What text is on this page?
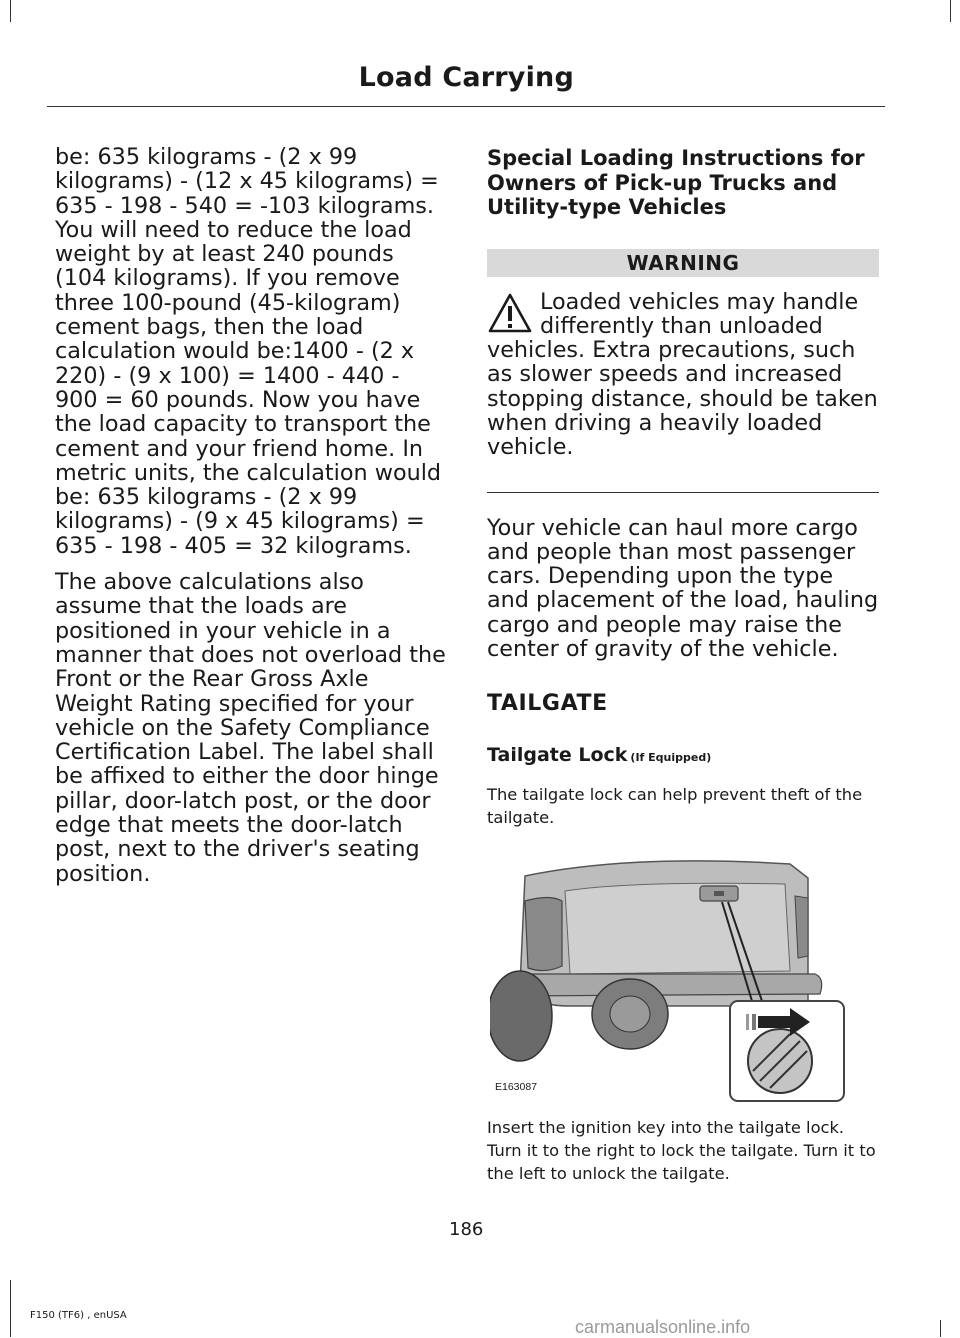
Load Carrying

be: 635 kilograms - (2 x 99 kilograms) - (12 x 45 kilograms) = 635 - 198 - 540 = -103 kilograms. You will need to reduce the load weight by at least 240 pounds (104 kilograms). If you remove three 100-pound (45-kilogram) cement bags, then the load calculation would be:1400 - (2 x 220) - (9 x 100) = 1400 - 440 - 900 = 60 pounds. Now you have the load capacity to transport the cement and your friend home. In metric units, the calculation would be: 635 kilograms - (2 x 99 kilograms) - (9 x 45 kilograms) = 635 - 198 - 405 = 32 kilograms.

The above calculations also assume that the loads are positioned in your vehicle in a manner that does not overload the Front or the Rear Gross Axle Weight Rating specified for your vehicle on the Safety Compliance Certification Label. The label shall be affixed to either the door hinge pillar, door-latch post, or the door edge that meets the door-latch post, next to the driver's seating position.

Special Loading Instructions for Owners of Pick-up Trucks and Utility-type Vehicles
WARNING
Loaded vehicles may handle differently than unloaded
vehicles. Extra precautions, such as slower speeds and increased stopping distance, should be taken when driving a heavily loaded vehicle.
Your vehicle can haul more cargo and people than most passenger cars. Depending upon the type and placement of the load, hauling cargo and people may raise the center of gravity of the vehicle.
TAILGATE
Tailgate Lock (If Equipped)
The tailgate lock can help prevent theft of the tailgate.
E163087
Insert the ignition key into the tailgate lock. Turn it to the right to lock the tailgate. Turn it to the left to unlock the tailgate.
186
F150 (TF6) , enUSA
carmanualsonline.info
